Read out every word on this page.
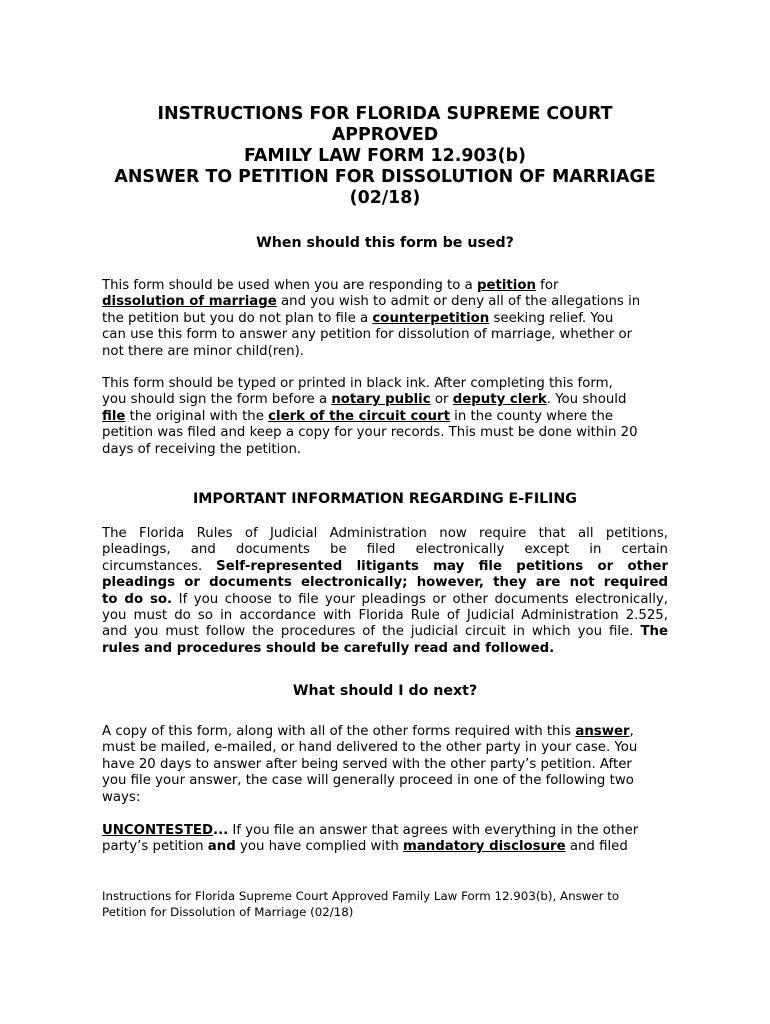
INSTRUCTIONS FOR FLORIDA SUPREME COURT
APPROVED
FAMILY LAW FORM 12.903(b)
ANSWER TO PETITION FOR DISSOLUTION OF MARRIAGE
(02/18)
When should this form be used?
This form should be used when you are responding to a petition for
dissolution of marriage and you wish to admit or deny all of the allegations in
the petition but you do not plan to file a counterpetition seeking relief. You
can use this form to answer any petition for dissolution of marriage, whether or
not there are minor child(ren).
This form should be typed or printed in black ink. After completing this form,
you should sign the form before a notary public or deputy clerk. You should
file the original with the clerk of the circuit court in the county where the
petition was filed and keep a copy for your records. This must be done within 20
days of receiving the petition.
IMPORTANT INFORMATION REGARDING E-FILING
The Florida Rules of Judicial Administration now require that all petitions,
pleadings, and documents be filed electronically except in certain
circumstances. Self-represented litigants may file petitions or other
pleadings or documents electronically; however, they are not required
to do so. If you choose to file your pleadings or other documents electronically,
you must do so in accordance with Florida Rule of Judicial Administration 2.525,
and you must follow the procedures of the judicial circuit in which you file. The
rules and procedures should be carefully read and followed.
What should I do next?
A copy of this form, along with all of the other forms required with this answer,
must be mailed, e-mailed, or hand delivered to the other party in your case. You
have 20 days to answer after being served with the other party’s petition. After
you file your answer, the case will generally proceed in one of the following two
ways:
UNCONTESTED... If you file an answer that agrees with everything in the other
party’s petition and you have complied with mandatory disclosure and filed
Instructions for Florida Supreme Court Approved Family Law Form 12.903(b), Answer to
Petition for Dissolution of Marriage (02/18)
